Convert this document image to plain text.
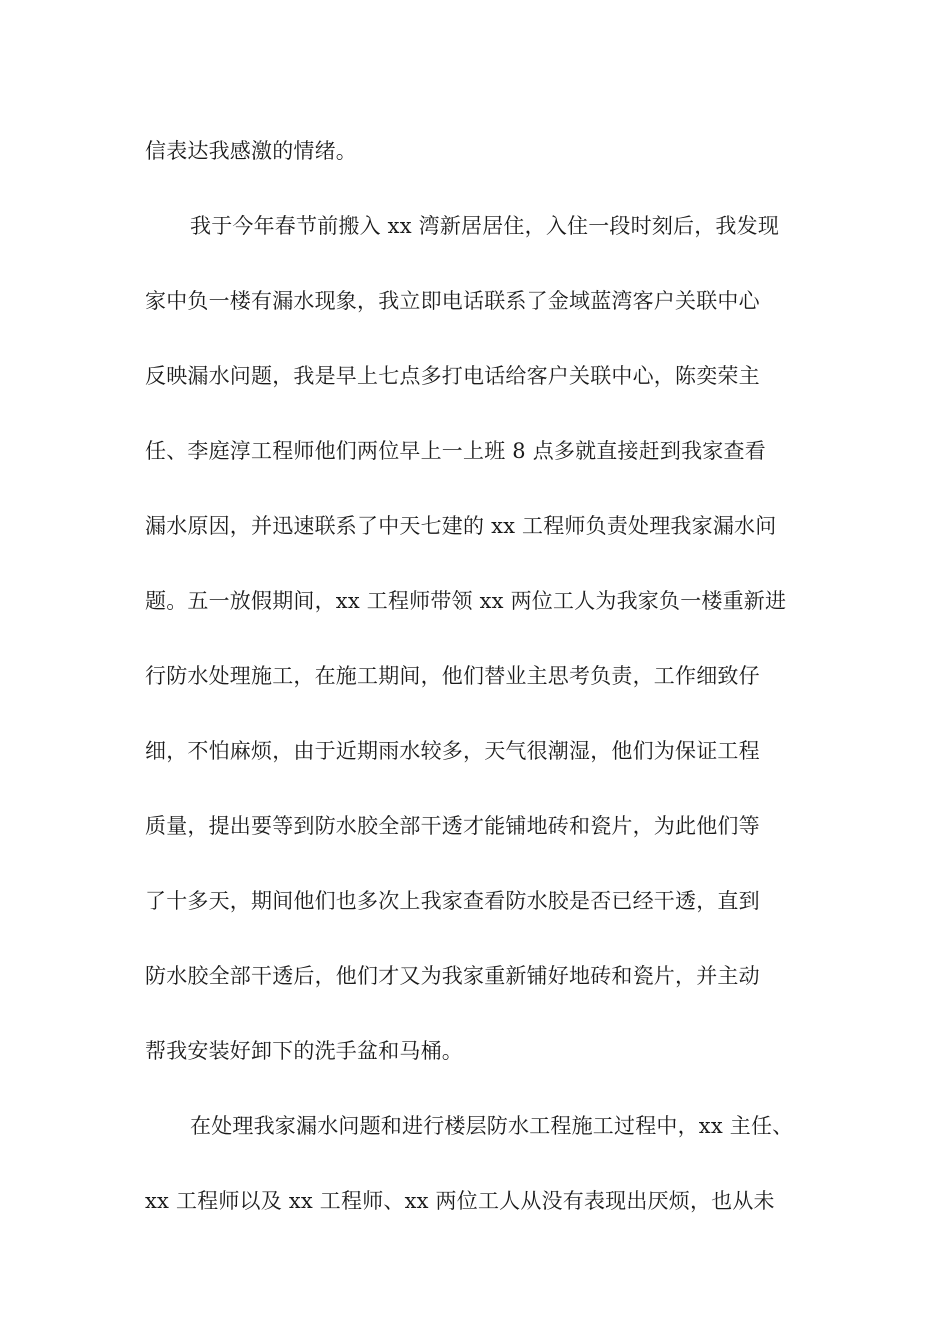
信表达我感激的情绪。
我于今年春节前搬入 xx 湾新居居住，入住一段时刻后，我发现
家中负一楼有漏水现象，我立即电话联系了金域蓝湾客户关联中心
反映漏水问题，我是早上七点多打电话给客户关联中心，陈奕荣主
任、李庭淳工程师他们两位早上一上班 8 点多就直接赶到我家查看
漏水原因，并迅速联系了中天七建的 xx 工程师负责处理我家漏水问
题。五一放假期间，xx 工程师带领 xx 两位工人为我家负一楼重新进
行防水处理施工，在施工期间，他们替业主思考负责，工作细致仔
细，不怕麻烦，由于近期雨水较多，天气很潮湿，他们为保证工程
质量，提出要等到防水胶全部干透才能铺地砖和瓷片，为此他们等
了十多天，期间他们也多次上我家查看防水胶是否已经干透，直到
防水胶全部干透后，他们才又为我家重新铺好地砖和瓷片，并主动
帮我安装好卸下的洗手盆和马桶。
在处理我家漏水问题和进行楼层防水工程施工过程中，xx 主任、
xx 工程师以及 xx 工程师、xx 两位工人从没有表现出厌烦，也从未
